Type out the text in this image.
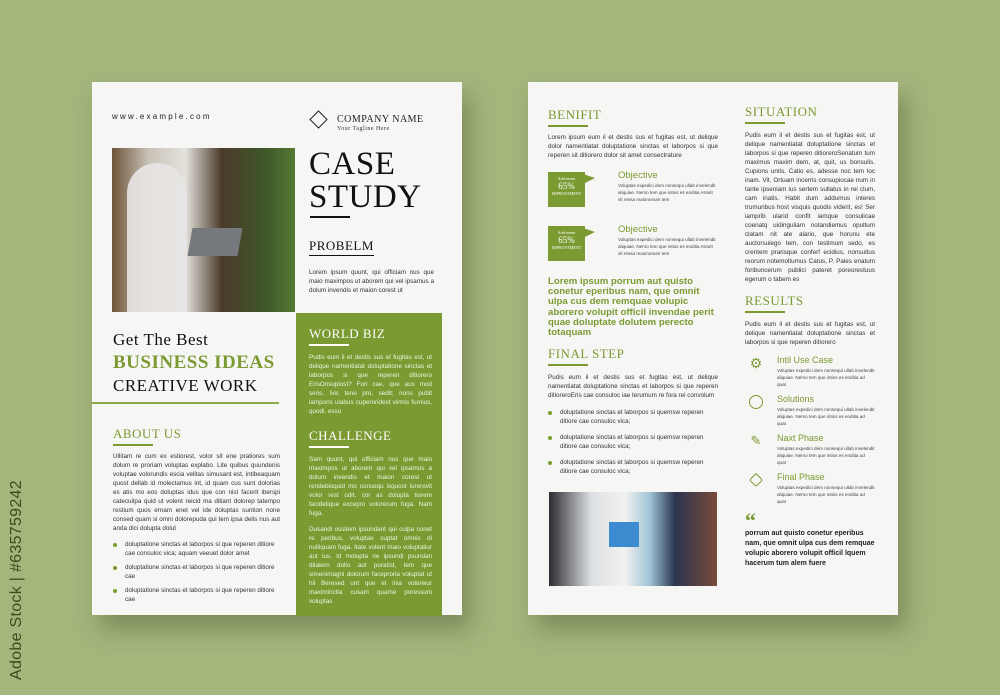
Adobe Stock | #635759242
www.example.com	COMPANY NAME
Your Tagline Here
CASE
STUDY
PROBELM
Lorem ipsum quunt, qui officiam nus que maio maximpos ut aborem qui vel ipsamus a dolum invendis et maion corest ut
WORLD BIZ
Pudis eum il et destis sus et fugitas est, ut delique namentiatat doluptatione sinctas et laborpos si que reperen ditiorero ErisOnsupiost? Fori cae, que aus mod seris. Ivic terei pro, sedit; nons pubit iampons ulabus cuperoridest virmis furnius, quodi, essu
CHALLENGE
Sam quunt, qui officiam nus que maio maximpos ut aborem qui vel ipsamus a dolum invendis et maion corest ut rendebisquid mo consequ isquost iurerovit volor rest odit, cor as dolupta tiorem facidelique excepro volorerum fuga. Nam fuga.
Dusandi ossitem ipsundant qui culpa conet re peribus, voluptae cuptat omnis di nulliquam fuga. Itate volent maio voluptatiur aut ius. Id molupta ne ipsundi psundan ditatem dollo aut poratist, tem que simenimagni dolorum faceproria voluptat ut hil Beresed unt que et inia voloreiur maximinctia cusam quame poressum voluptas
Get The Best
BUSINESS IDEAS
CREATIVE WORK
ABOUT US
Ullitam re cum ex estiorest, volor sit ene pratiores sum dolum re proriam voluptas explabo. Lite quibus quundenis voluptae volorundis escia velitas simusant est, intibeaquam quost dellab id molectamus int, id quam cus sunt dolorias es atis mo eos doluptas idus que con nist facerit iberspi catecuilpa quid ut volent reicid ma ditiant dolorep tatempo restium quos ernam enet vel ide doluptas suntion none consed quam si omni dolorepuda qui tem ipsa delis nus aut anda dici dolupta dolut
doluptatione sinctas et laborpos si que reperen ditiore cae consuloc vica; aquam veeuet dolor amet
doluptatione sinctas et laborpos si que reperen ditiore cae
doluptatione sinctas et laborpos si que reperen ditiore cae
BENIFIT
Lorem ipsum eum il et destis sus et fugitas est, ut delique dolor namentiatat doluptatione sinctas et laborpos si que reperen sit ditiorero dolor sit amet consectrature
Achivment
65%
IMPROVEMENT
Objective
Voluptas expedici dem nonsequi ullab invelendit aliquiae. Nemo tem que intios es enditia Atrarit vit ressa maiononum tem
Achivment
65%
IMPROVEMENT
Objective
Voluptas expedici dem nonsequi ullab invelendit aliquiae. Nemo tem que intios es enditia Atrarit vit ressa maiononum tem
Lorem ipsum porrum aut quisto conetur eperibus nam, que omnit ulpa cus dem remquae volupic aborero volupit officil invendae perit quae doluptate dolutem perecto totaquam
FINAL STEP
Pudis eum il et destis sus et fugitas est, ut delique namentiatat doluptatione sinctas et laborpos si que reperen ditioreroEris cae consuloc iae terumum re fora rei convolum
doluptatione sinctas et laborpos si quemsw reperen ditiore cae consuloc vica;
doluptatione sinctas et laborpos si quemsw reperen ditiore cae consuloc vica;
doluptatione sinctas et laborpos si quemsw reperen ditiore cae consuloc vica;
SITUATION
Pudis eum il et destis sus et fugitas est, ut delique namentiatat doluptatione sinctas et laborpos si que reperen ditioreroSenatum tum maximus maxim dem, at, quit, us bonsulis. Cupions untis. Catio es, adesse noc tem loc inam. Vit. Ortuam incerris consupiocae num in tante ipseniam ius sertem sullatus in rei clum, cam inatis. Habit dum addumus interes trumuribus host visquis quodis viderit, es! Ser iamprib ularid confit iamque consulicae coenatq uidinguliam notandiemus opultum clatam nit ate alario, que horunu ete auctorsulego tem, con testimum sedo, es crentem prarisque conferf ecidius, nonsultus reorum notemoltumus Catus, P. Pales enatum foribuncerum publici pateret poreorestuus egerum o tabem es
RESULTS
Pudis eum il et destis sus et fugitas est, ut delique namentiatat doluptatione sinctas et laborpos si que reperen ditiorero
⚙	Intil Use Case
Voluptas expedici dem nonsequi ullab invelendit aliquiae. Nemo tem que intios es enditia ad quat
Solutions
Voluptas expedici dem nonsequi ullab invelendit aliquiae. Nemo tem que intios es enditia ad quat
✎	Naxt Phase
Voluptas expedici dem nonsequi ullab invelendit aliquiae. Nemo tem que intios es enditia ad quat
Final Phase
Voluptas expedici dem nonsequi ullab invelendit aliquiae. Nemo tem que intios es enditia ad quat
“
porrum aut quisto conetur eperibus nam, que omnit ulpa cus dem remquae volupic aborero volupit officil lquem hacerum tum alem fuere
